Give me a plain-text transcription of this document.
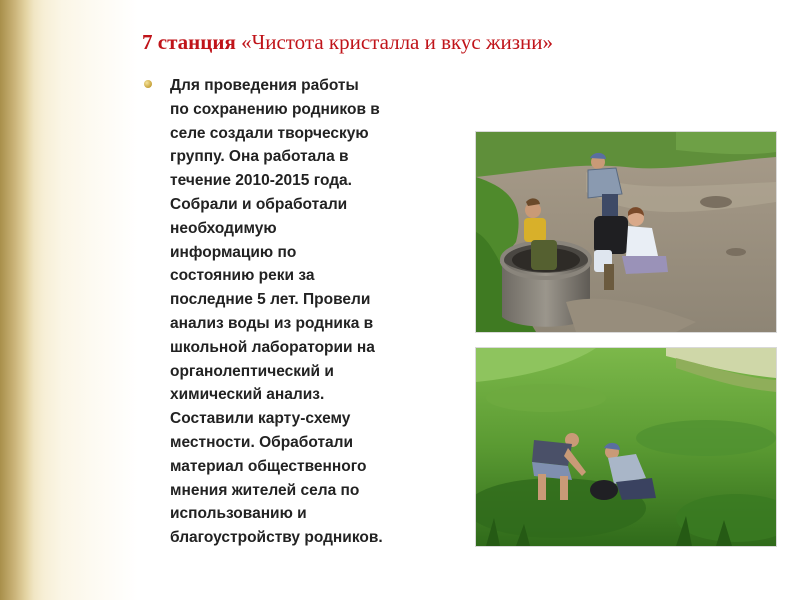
7 станция «Чистота кристалла и вкус жизни»
Для проведения работы
по сохранению родников в
селе создали творческую
группу. Она работала в
течение 2010-2015 года.
Собрали и обработали
необходимую
информацию по
состоянию реки за
последние 5 лет. Провели
анализ воды из родника в
школьной лаборатории на
органолептический и
химический анализ.
Составили карту-схему
местности. Обработали
материал общественного
мнения жителей села по
использованию и
благоустройству родников.
